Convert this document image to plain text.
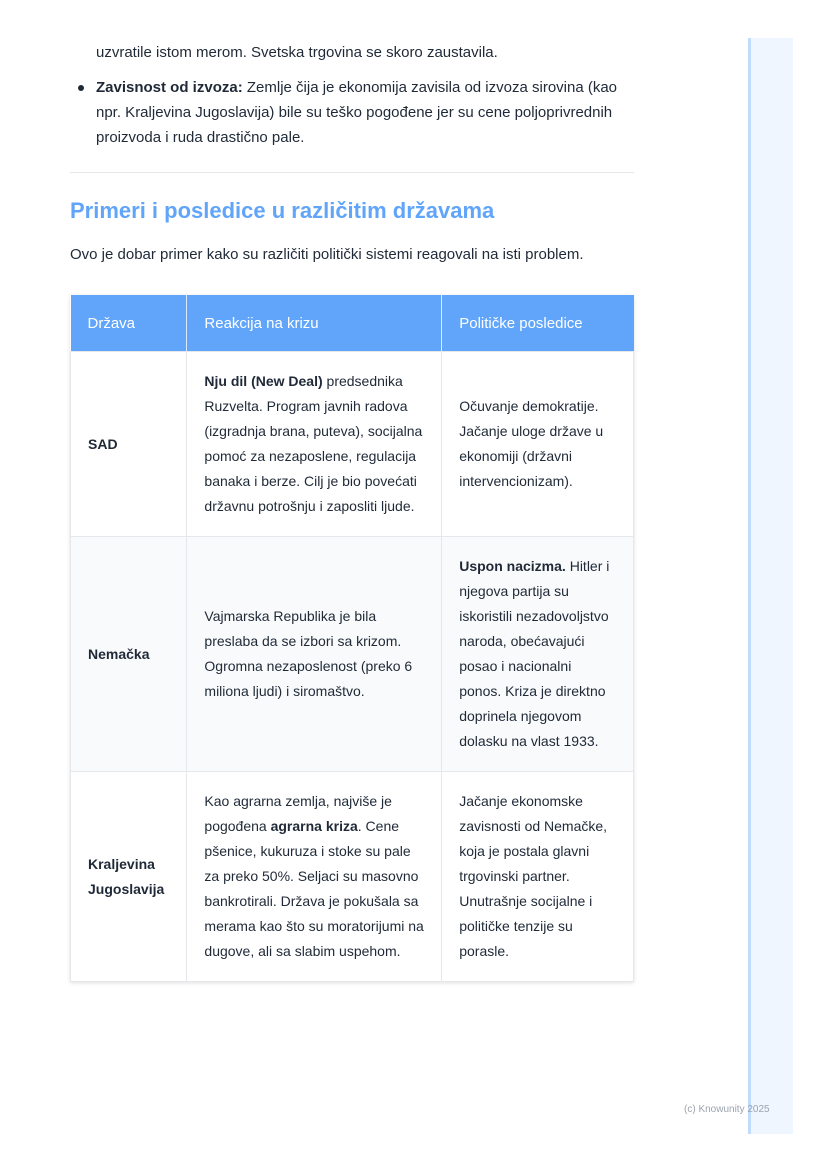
uzvratile istom merom. Svetska trgovina se skoro zaustavila.
Zavisnost od izvoza: Zemlje čija je ekonomija zavisila od izvoza sirovina (kao npr. Kraljevina Jugoslavija) bile su teško pogođene jer su cene poljoprivrednih proizvoda i ruda drastično pale.
Primeri i posledice u različitim državama
Ovo je dobar primer kako su različiti politički sistemi reagovali na isti problem.
Država	Reakcija na krizu	Političke posledice
SAD	Nju dil (New Deal) predsednika Ruzvelta. Program javnih radova (izgradnja brana, puteva), socijalna pomoć za nezaposlene, regulacija banaka i berze. Cilj je bio povećati državnu potrošnju i zaposliti ljude.	Očuvanje demokratije. Jačanje uloge države u ekonomiji (državni intervencionizam).
Nemačka	Vajmarska Republika je bila preslaba da se izbori sa krizom. Ogromna nezaposlenost (preko 6 miliona ljudi) i siromaštvo.	Uspon nacizma. Hitler i njegova partija su iskoristili nezadovoljstvo naroda, obećavajući posao i nacionalni ponos. Kriza je direktno doprinela njegovom dolasku na vlast 1933.
Kraljevina Jugoslavija	Kao agrarna zemlja, najviše je pogođena agrarna kriza. Cene pšenice, kukuruza i stoke su pale za preko 50%. Seljaci su masovno bankrotirali. Država je pokušala sa merama kao što su moratorijumi na dugove, ali sa slabim uspehom.	Jačanje ekonomske zavisnosti od Nemačke, koja je postala glavni trgovinski partner. Unutrašnje socijalne i političke tenzije su porasle.
(c) Knowunity 2025
